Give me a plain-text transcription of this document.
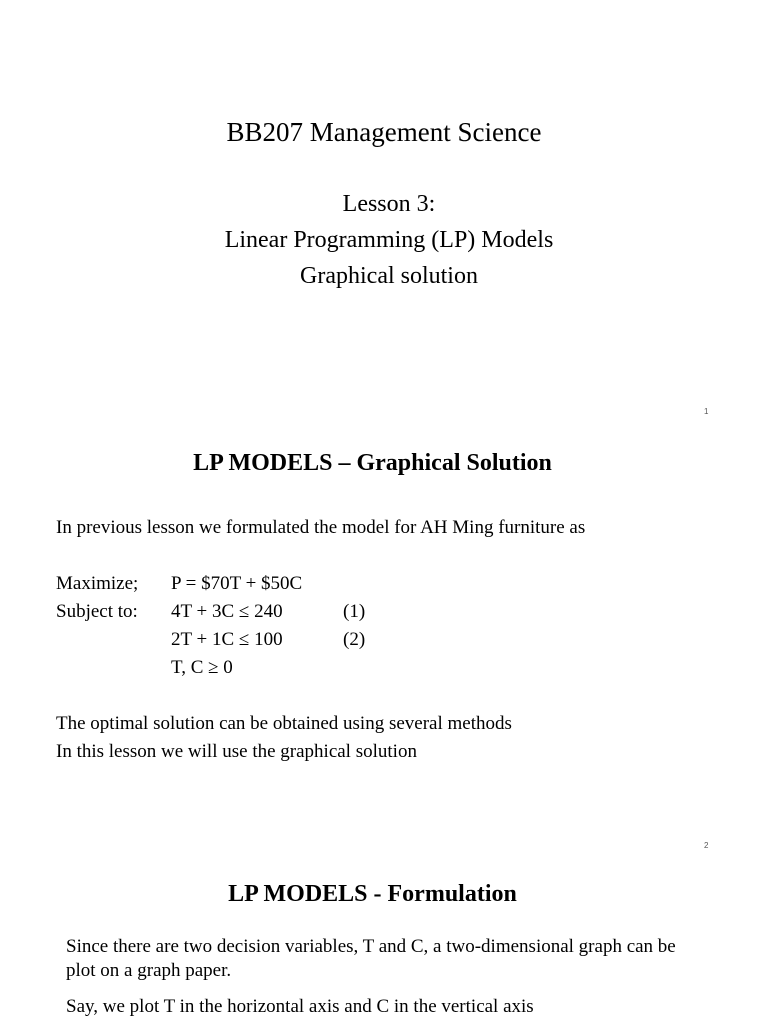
BB207 Management Science
Lesson 3:
Linear Programming (LP) Models
Graphical solution
1
LP MODELS – Graphical Solution
In previous lesson we formulated the model for AH Ming furniture as
Maximize;	P = $70T + $50C
Subject to:	4T + 3C ≤ 240	(1)
2T + 1C ≤ 100	(2)
T, C ≥ 0
The optimal solution can be obtained using several methods
In this lesson we will use the graphical solution
2
LP MODELS - Formulation

Since there are two decision variables, T and C, a two-dimensional graph can be plot on a graph paper.

Say, we plot T in the horizontal axis and C in the vertical axis
